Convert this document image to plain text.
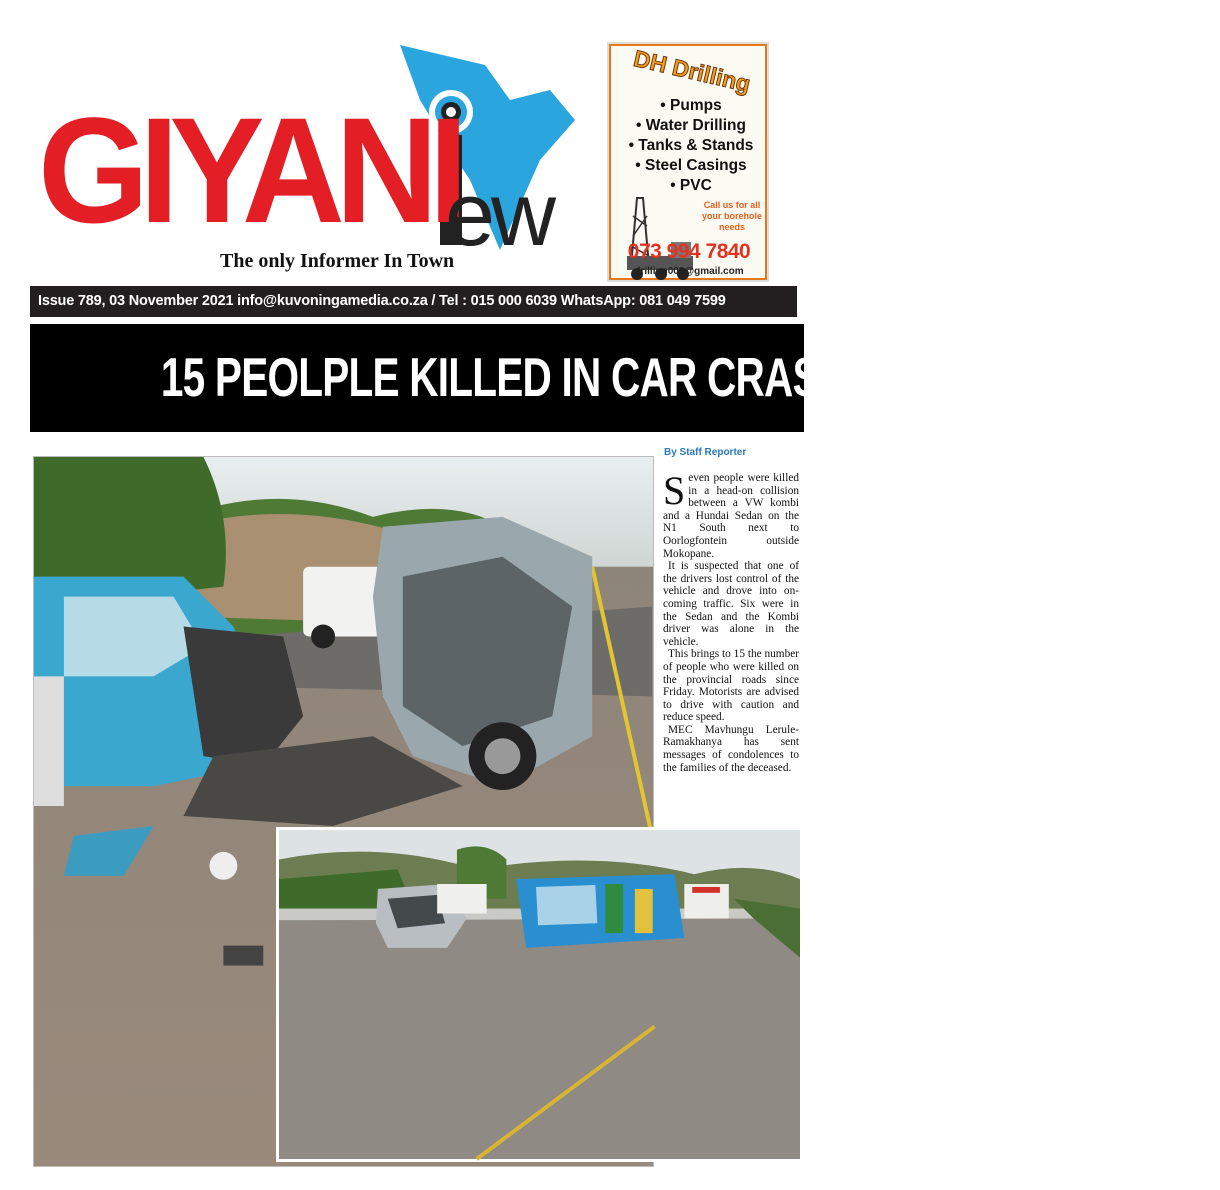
GIYANI
ew
The only Informer In Town
DH Drilling
• Pumps
• Water Drilling
• Tanks & Stands
• Steel Casings
• PVC
Call us for all your borehole needs
073 994 7840
drilling003@gmail.com
Issue 789, 03 November 2021 info@kuvoningamedia.co.za / Tel : 015 000 6039 WhatsApp: 081 049 7599
15 PEOLPLE KILLED IN CAR CRASH IN LIMPOPO
By Staff Reporter

Seven people were killed in a head-on collision between a VW kombi and a Hundai Sedan on the N1 South next to Oorlogfontein outside Mokopane.

It is suspected that one of the drivers lost control of the vehicle and drove into on-coming traffic. Six were in the Sedan and the Kombi driver was alone in the vehicle.

This brings to 15 the number of people who were killed on the provincial roads since Friday. Motorists are advised to drive with caution and reduce speed.

MEC Mavhungu Lerule-Ramakhanya has sent messages of condolences to the families of the deceased.
